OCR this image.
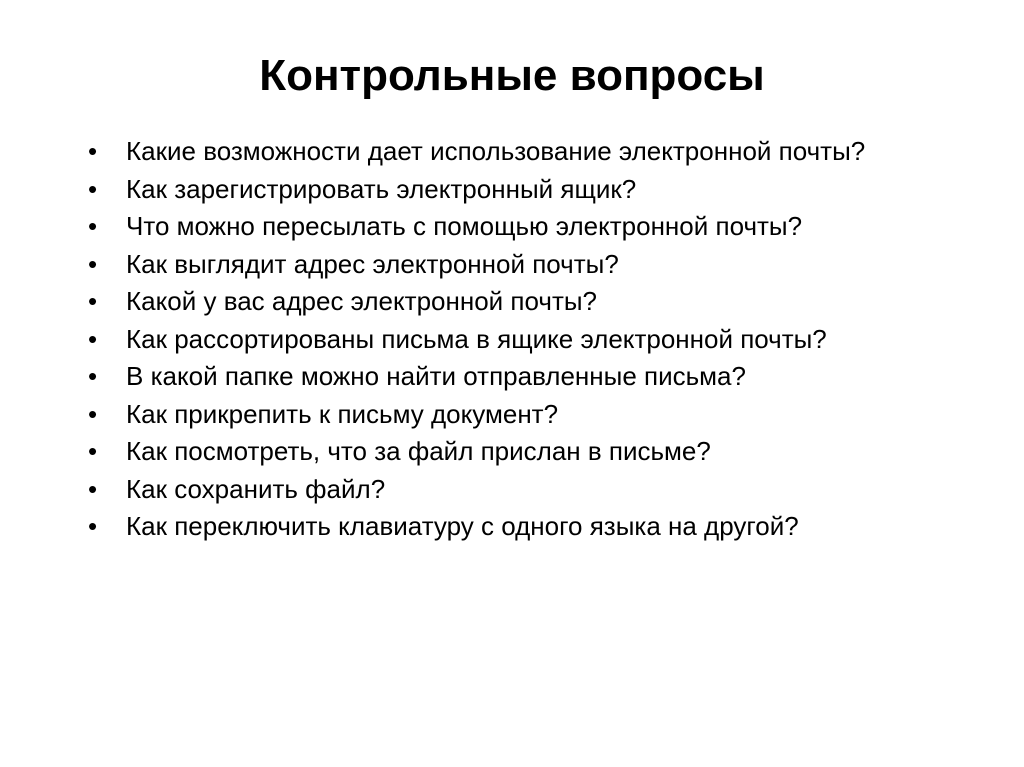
Контрольные вопросы
•	Какие возможности дает использование электронной почты?
•	Как зарегистрировать электронный ящик?
•	Что можно пересылать с помощью электронной почты?
•	Как выглядит адрес электронной почты?
•	Какой у вас адрес электронной почты?
•	Как рассортированы письма в ящике электронной почты?
•	В какой папке можно найти отправленные письма?
•	Как прикрепить к письму документ?
•	Как посмотреть, что за файл прислан в письме?
•	Как сохранить файл?
•	Как переключить клавиатуру с одного языка на другой?
